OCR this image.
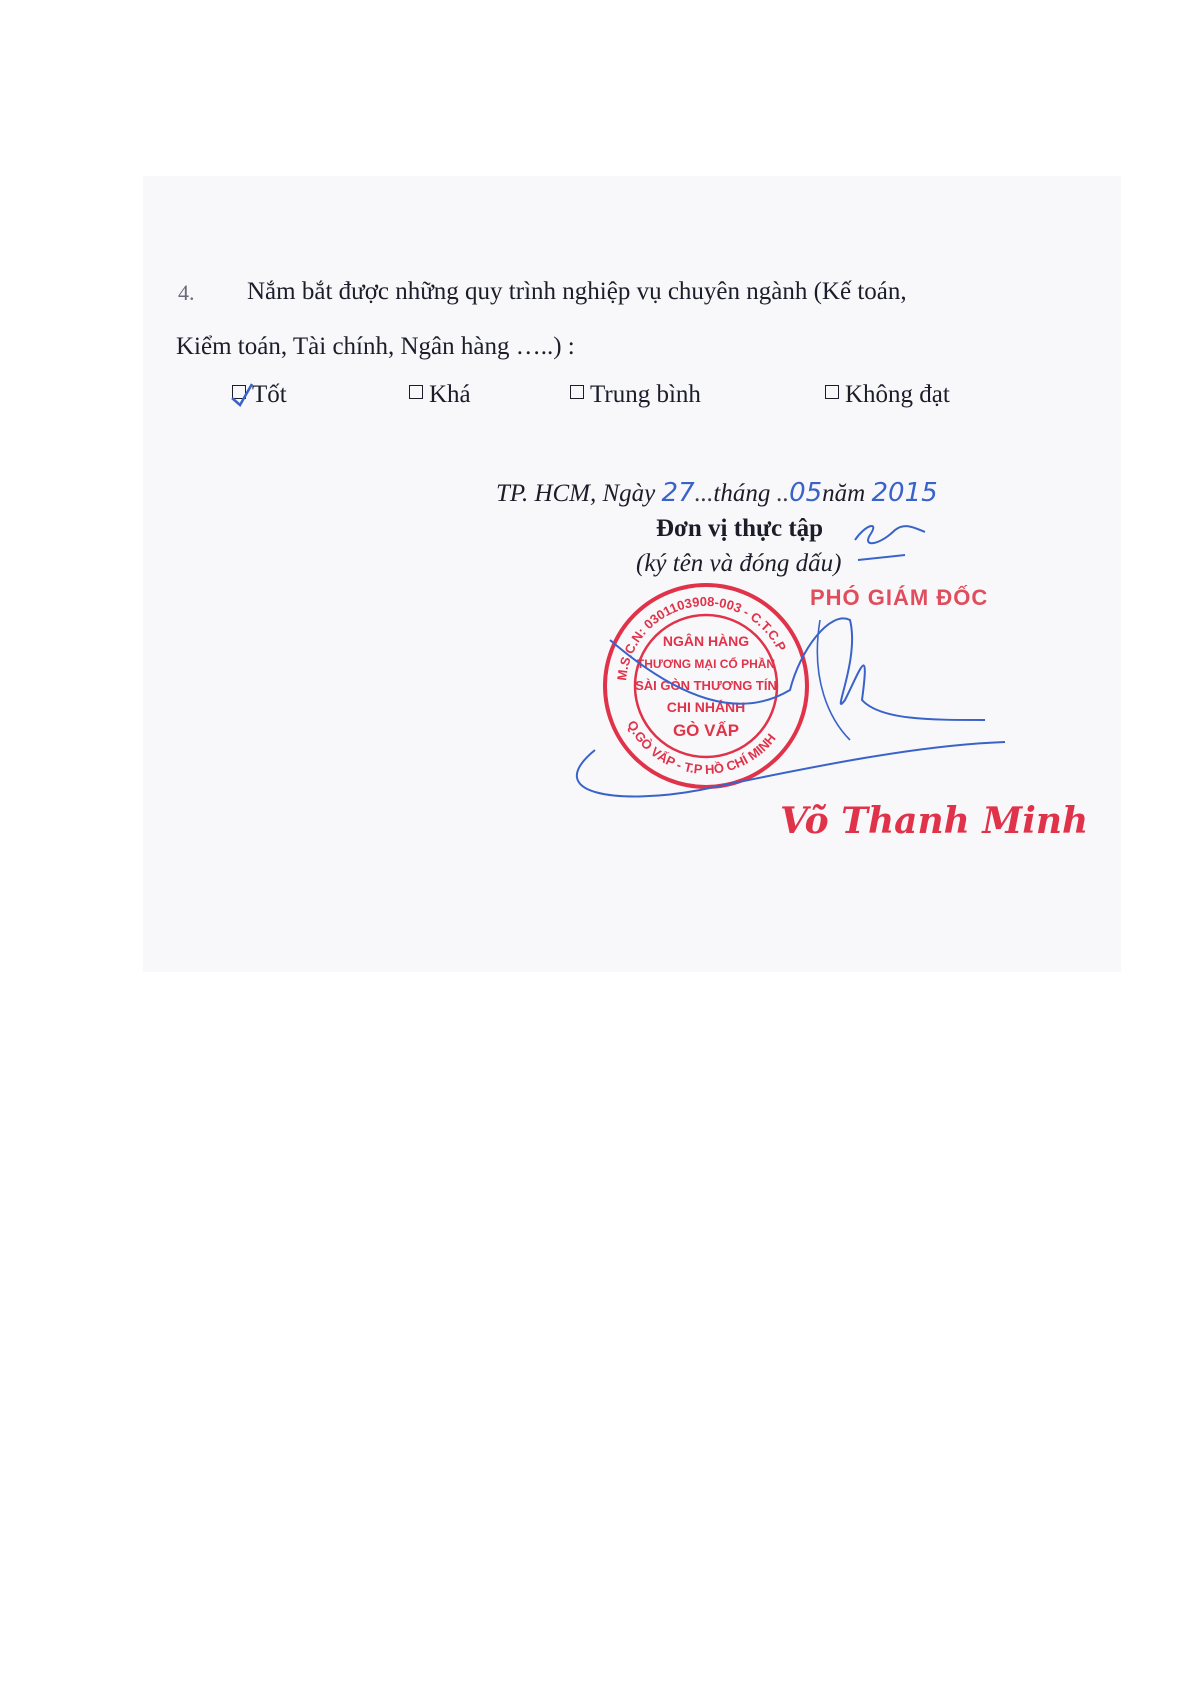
4. Nắm bắt được những quy trình nghiệp vụ chuyên ngành (Kế toán,
Kiểm toán, Tài chính, Ngân hàng …..) :
Tốt	Khá	Trung bình	Không đạt
TP. HCM, Ngày 27...tháng ..05năm 2015
Đơn vị thực tập
(ký tên và đóng dấu)
PHÓ GIÁM ĐỐC
Võ Thanh Minh
NGÂN HÀNG
THƯƠNG MẠI CỔ PHẦN
SÀI GÒN THƯƠNG TÍN
CHI NHÁNH
GÒ VẤP
M.S.C.N: 0301103908-003 - C.T.C.P
Q.GÒ VẤP - T.P HỒ CHÍ MINH
